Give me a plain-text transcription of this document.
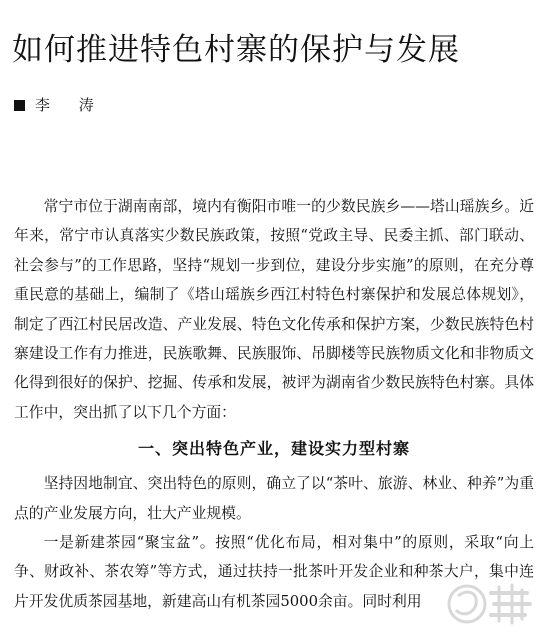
如何推进特色村寨的保护与发展
李 涛

常宁市位于湖南南部，境内有衡阳市唯一的少数民族乡——塔山瑶族乡。近年来，常宁市认真落实少数民族政策，按照“党政主导、民委主抓、部门联动、社会参与”的工作思路，坚持“规划一步到位，建设分步实施”的原则，在充分尊重民意的基础上，编制了《塔山瑶族乡西江村特色村寨保护和发展总体规划》，制定了西江村民居改造、产业发展、特色文化传承和保护方案，少数民族特色村寨建设工作有力推进，民族歌舞、民族服饰、吊脚楼等民族物质文化和非物质文化得到很好的保护、挖掘、传承和发展，被评为湖南省少数民族特色村寨。具体工作中，突出抓了以下几个方面：

一、突出特色产业，建设实力型村寨

坚持因地制宜、突出特色的原则，确立了以“茶叶、旅游、林业、种养”为重点的产业发展方向，壮大产业规模。

一是新建茶园“聚宝盆”。按照“优化布局，相对集中”的原则，采取“向上争、财政补、茶农筹”等方式，通过扶持一批茶叶开发企业和种茶大户，集中连片开发优质茶园基地，新建高山有机茶园5000余亩。同时利用
